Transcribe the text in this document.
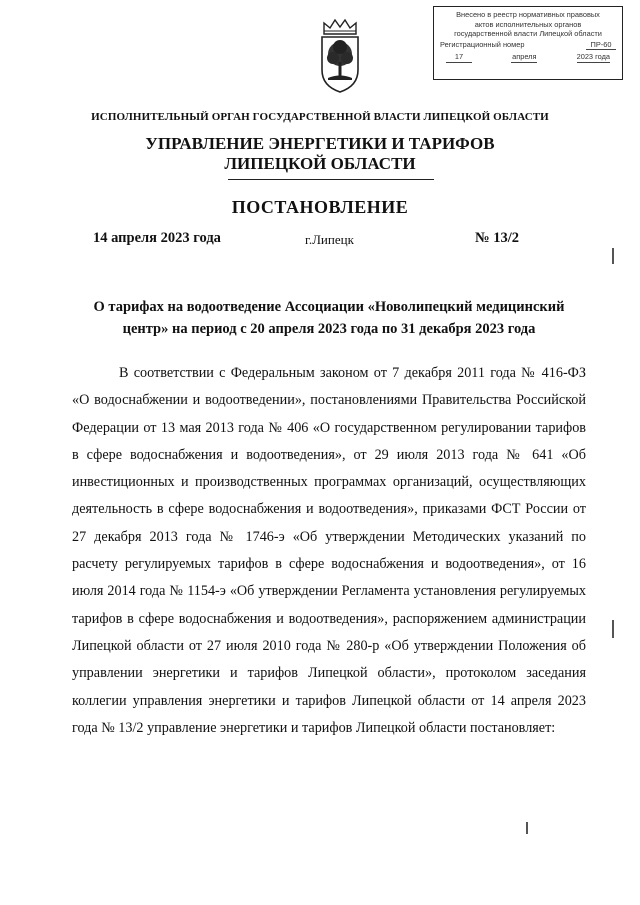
Внесено в реестр нормативных правовых
актов исполнительных органов
государственной власти Липецкой области
Регистрационный номер	ПР-60
17	апреля	2023 года
ИСПОЛНИТЕЛЬНЫЙ ОРГАН ГОСУДАРСТВЕННОЙ ВЛАСТИ ЛИПЕЦКОЙ ОБЛАСТИ
УПРАВЛЕНИЕ ЭНЕРГЕТИКИ И ТАРИФОВ
ЛИПЕЦКОЙ ОБЛАСТИ
ПОСТАНОВЛЕНИЕ
14 апреля 2023 года	г.Липецк	№ 13/2
О тарифах на водоотведение Ассоциации «Новолипецкий медицинский
центр» на период с 20 апреля 2023 года по 31 декабря 2023 года

В соответствии с Федеральным законом от 7 декабря 2011 года № 416-ФЗ «О водоснабжении и водоотведении», постановлениями Правительства Российской Федерации от 13 мая 2013 года № 406 «О государственном регулировании тарифов в сфере водоснабжения и водоотведения», от 29 июля 2013 года № 641 «Об инвестиционных и производственных программах организаций, осуществляющих деятельность в сфере водоснабжения и водоотведения», приказами ФСТ России от 27 декабря 2013 года № 1746-э «Об утверждении Методических указаний по расчету регулируемых тарифов в сфере водоснабжения и водоотведения», от 16 июля 2014 года № 1154-э «Об утверждении Регламента установления регулируемых тарифов в сфере водоснабжения и водоотведения», распоряжением администрации Липецкой области от 27 июля 2010 года № 280-р «Об утверждении Положения об управлении энергетики и тарифов Липецкой области», протоколом заседания коллегии управления энергетики и тарифов Липецкой области от 14 апреля 2023 года № 13/2 управление энергетики и тарифов Липецкой области постановляет:
